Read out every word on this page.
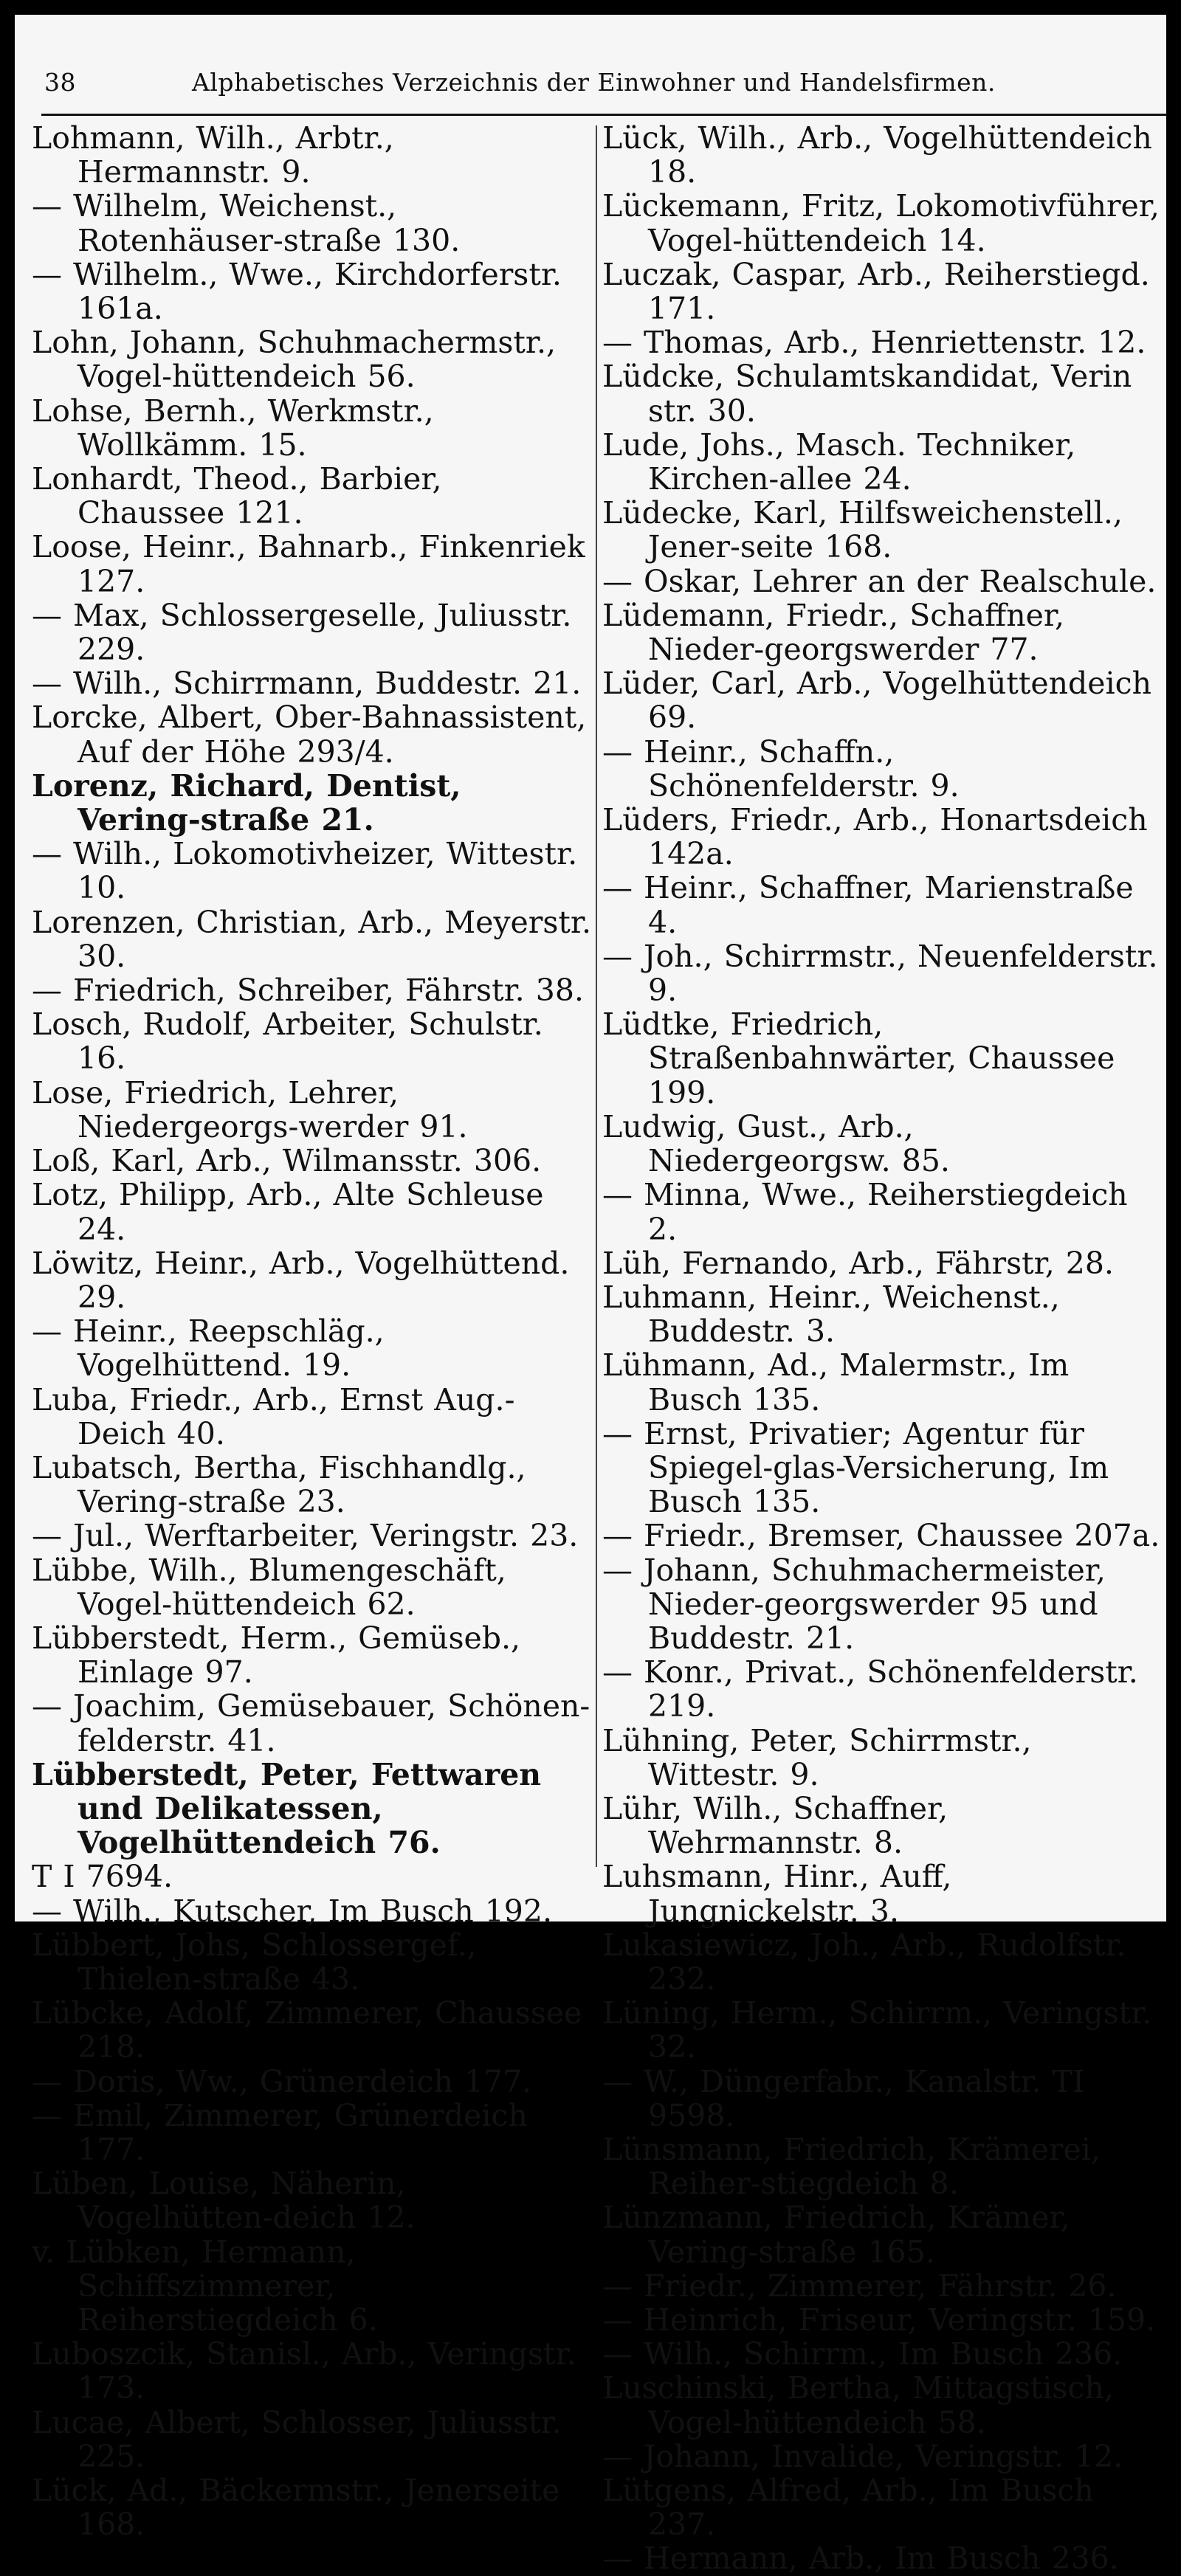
38	Alphabetisches Verzeichnis der Einwohner und Handelsfirmen.

Lohmann, Wilh., Arbtr., Hermannstr. 9.

— Wilhelm, Weichenst., Rotenhäuser-straße 130.

— Wilhelm., Wwe., Kirchdorferstr. 161a.

Lohn, Johann, Schuhmachermstr., Vogel-hüttendeich 56.

Lohse, Bernh., Werkmstr., Wollkämm. 15.

Lonhardt, Theod., Barbier, Chaussee 121.

Loose, Heinr., Bahnarb., Finkenriek 127.

— Max, Schlossergeselle, Juliusstr. 229.

— Wilh., Schirrmann, Buddestr. 21.

Lorcke, Albert, Ober-Bahnassistent, Auf der Höhe 293/4.

Lorenz, Richard, Dentist, Vering-straße 21.

— Wilh., Lokomotivheizer, Wittestr. 10.

Lorenzen, Christian, Arb., Meyerstr. 30.

— Friedrich, Schreiber, Fährstr. 38.

Losch, Rudolf, Arbeiter, Schulstr. 16.

Lose, Friedrich, Lehrer, Niedergeorgs-werder 91.

Loß, Karl, Arb., Wilmansstr. 306.

Lotz, Philipp, Arb., Alte Schleuse 24.

Löwitz, Heinr., Arb., Vogelhüttend. 29.

— Heinr., Reepschläg., Vogelhüttend. 19.

Luba, Friedr., Arb., Ernst Aug.-Deich 40.

Lubatsch, Bertha, Fischhandlg., Vering-straße 23.

— Jul., Werftarbeiter, Veringstr. 23.

Lübbe, Wilh., Blumengeschäft, Vogel-hüttendeich 62.

Lübberstedt, Herm., Gemüseb., Einlage 97.

— Joachim, Gemüsebauer, Schönen-felderstr. 41.

Lübberstedt, Peter, Fettwaren und Delikatessen, Vogelhüttendeich 76.

T I 7694.

— Wilh., Kutscher, Im Busch 192.

Lübbert, Johs, Schlossergef., Thielen-straße 43.

Lübcke, Adolf, Zimmerer, Chaussee 218.

— Doris, Ww., Grünerdeich 177.

— Emil, Zimmerer, Grünerdeich 177.

Lüben, Louise, Näherin, Vogelhütten-deich 12.

v. Lübken, Hermann, Schiffszimmerer, Reiherstiegdeich 6.

Luboszcik, Stanisl., Arb., Veringstr. 173.

Lucae, Albert, Schlosser, Juliusstr. 225.

Lück, Ad., Bäckermstr., Jenerseite 168.

Lück, Wilh., Arb., Vogelhüttendeich 18.

Lückemann, Fritz, Lokomotivführer, Vogel-hüttendeich 14.

Luczak, Caspar, Arb., Reiherstiegd. 171.

— Thomas, Arb., Henriettenstr. 12.

Lüdcke, Schulamtskandidat, Verin str. 30.

Lude, Johs., Masch. Techniker, Kirchen-allee 24.

Lüdecke, Karl, Hilfsweichenstell., Jener-seite 168.

— Oskar, Lehrer an der Realschule.

Lüdemann, Friedr., Schaffner, Nieder-georgswerder 77.

Lüder, Carl, Arb., Vogelhüttendeich 69.

— Heinr., Schaffn., Schönenfelderstr. 9.

Lüders, Friedr., Arb., Honartsdeich 142a.

— Heinr., Schaffner, Marienstraße 4.

— Joh., Schirrmstr., Neuenfelderstr. 9.

Lüdtke, Friedrich, Straßenbahnwärter, Chaussee 199.

Ludwig, Gust., Arb., Niedergeorgsw. 85.

— Minna, Wwe., Reiherstiegdeich 2.

Lüh, Fernando, Arb., Fährstr, 28.

Luhmann, Heinr., Weichenst., Buddestr. 3.

Lühmann, Ad., Malermstr., Im Busch 135.

— Ernst, Privatier; Agentur für Spiegel-glas-Versicherung, Im Busch 135.

— Friedr., Bremser, Chaussee 207a.

— Johann, Schuhmachermeister, Nieder-georgswerder 95 und Buddestr. 21.

— Konr., Privat., Schönenfelderstr. 219.

Lühning, Peter, Schirrmstr., Wittestr. 9.

Lühr, Wilh., Schaffner, Wehrmannstr. 8.

Luhsmann, Hinr., Auff, Jungnickelstr. 3.

Lukasiewicz, Joh., Arb., Rudolfstr. 232.

Lüning, Herm., Schirrm., Veringstr. 32.

— W., Düngerfabr., Kanalstr. TI 9598.

Lünsmann, Friedrich, Krämerei, Reiher-stiegdeich 8.

Lünzmann, Friedrich, Krämer, Vering-straße 165.

— Friedr., Zimmerer, Fährstr. 26.

— Heinrich, Friseur, Veringstr. 159.

— Wilh., Schirrm., Im Busch 236.

Luschinski, Bertha, Mittagstisch, Vogel-hüttendeich 58.

— Johann, Invalide, Veringstr. 12.

Lütgens, Alfred, Arb., Im Busch 237.

— Hermann, Arb., Im Busch 236.
